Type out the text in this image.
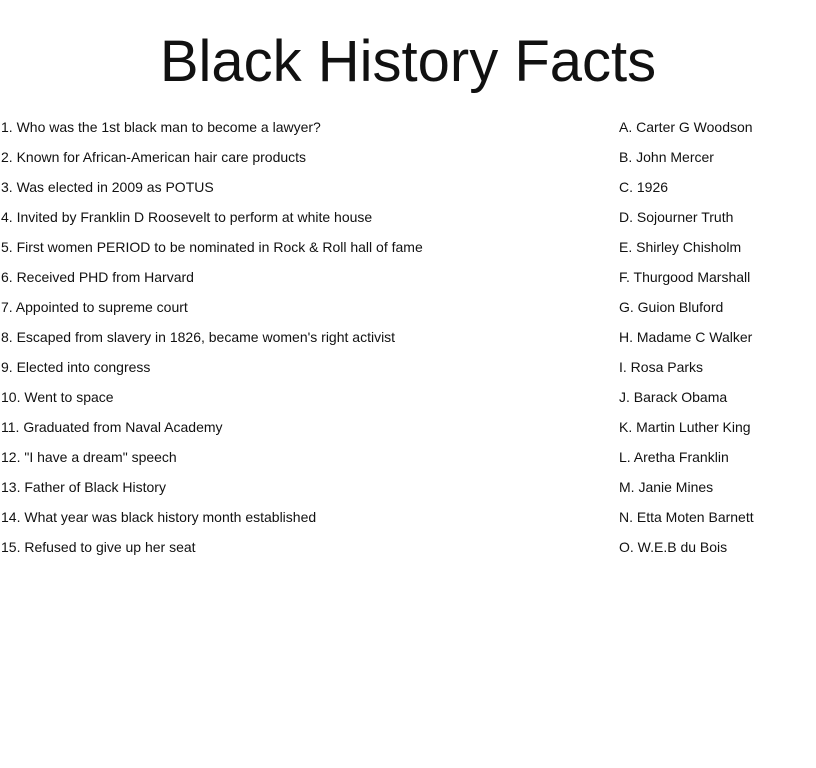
Black History Facts
1. Who was the 1st black man to become a lawyer?
2. Known for African-American hair care products
3. Was elected in 2009 as POTUS
4. Invited by Franklin D Roosevelt to perform at white house
5. First women PERIOD to be nominated in Rock & Roll hall of fame
6. Received PHD from Harvard
7. Appointed to supreme court
8. Escaped from slavery in 1826, became women's right activist
9. Elected into congress
10. Went to space
11. Graduated from Naval Academy
12. "I have a dream" speech
13. Father of Black History
14. What year was black history month established
15. Refused to give up her seat
A. Carter G Woodson
B. John Mercer
C. 1926
D. Sojourner Truth
E. Shirley Chisholm
F. Thurgood Marshall
G. Guion Bluford
H. Madame C Walker
I. Rosa Parks
J. Barack Obama
K. Martin Luther King
L. Aretha Franklin
M. Janie Mines
N. Etta Moten Barnett
O. W.E.B du Bois
